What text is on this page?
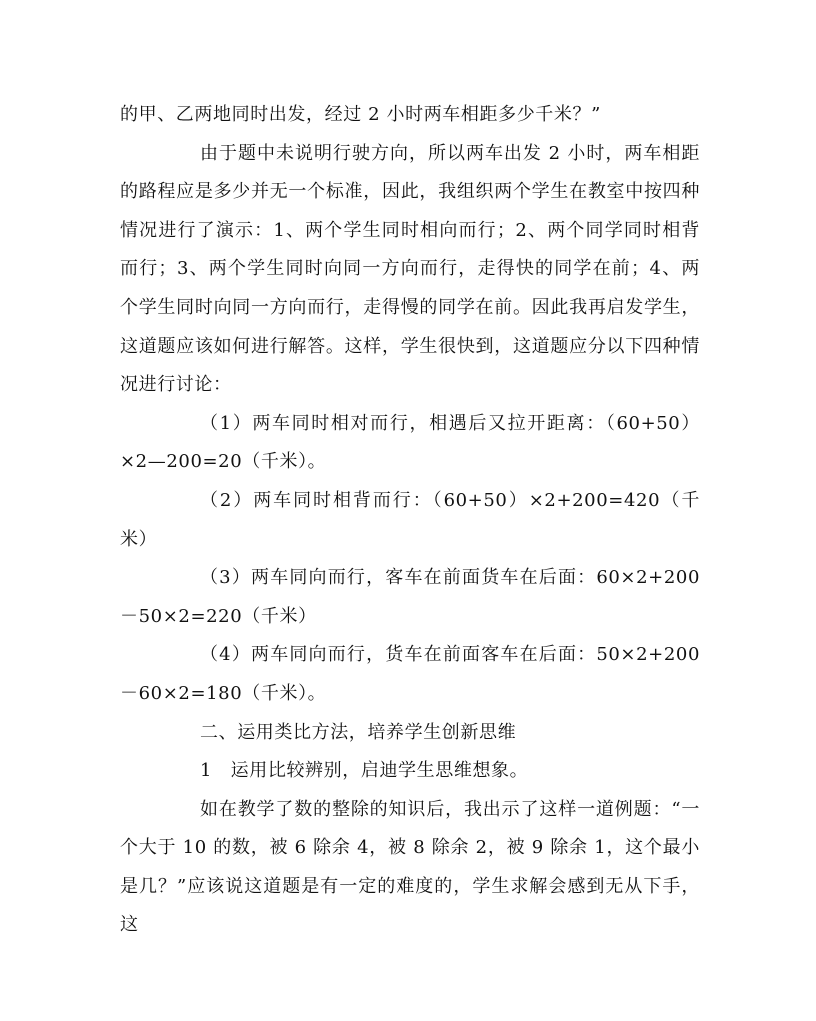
的甲、乙两地同时出发，经过 2 小时两车相距多少千米？”

由于题中未说明行驶方向，所以两车出发 2 小时，两车相距的路程应是多少并无一个标准，因此，我组织两个学生在教室中按四种情况进行了演示：1、两个学生同时相向而行；2、两个同学同时相背而行；3、两个学生同时向同一方向而行，走得快的同学在前；4、两个学生同时向同一方向而行，走得慢的同学在前。因此我再启发学生，这道题应该如何进行解答。这样，学生很快到，这道题应分以下四种情况进行讨论：

（1）两车同时相对而行，相遇后又拉开距离：（60+50）×2—200=20（千米）。

（2）两车同时相背而行：（60+50）×2+200=420（千米）

（3）两车同向而行，客车在前面货车在后面：60×2+200－50×2=220（千米）

（4）两车同向而行，货车在前面客车在后面：50×2+200－60×2=180（千米）。

二、运用类比方法，培养学生创新思维

1　运用比较辨别，启迪学生思维想象。

如在教学了数的整除的知识后，我出示了这样一道例题：“一个大于 10 的数，被 6 除余 4，被 8 除余 2，被 9 除余 1，这个最小是几？”应该说这道题是有一定的难度的，学生求解会感到无从下手，这
